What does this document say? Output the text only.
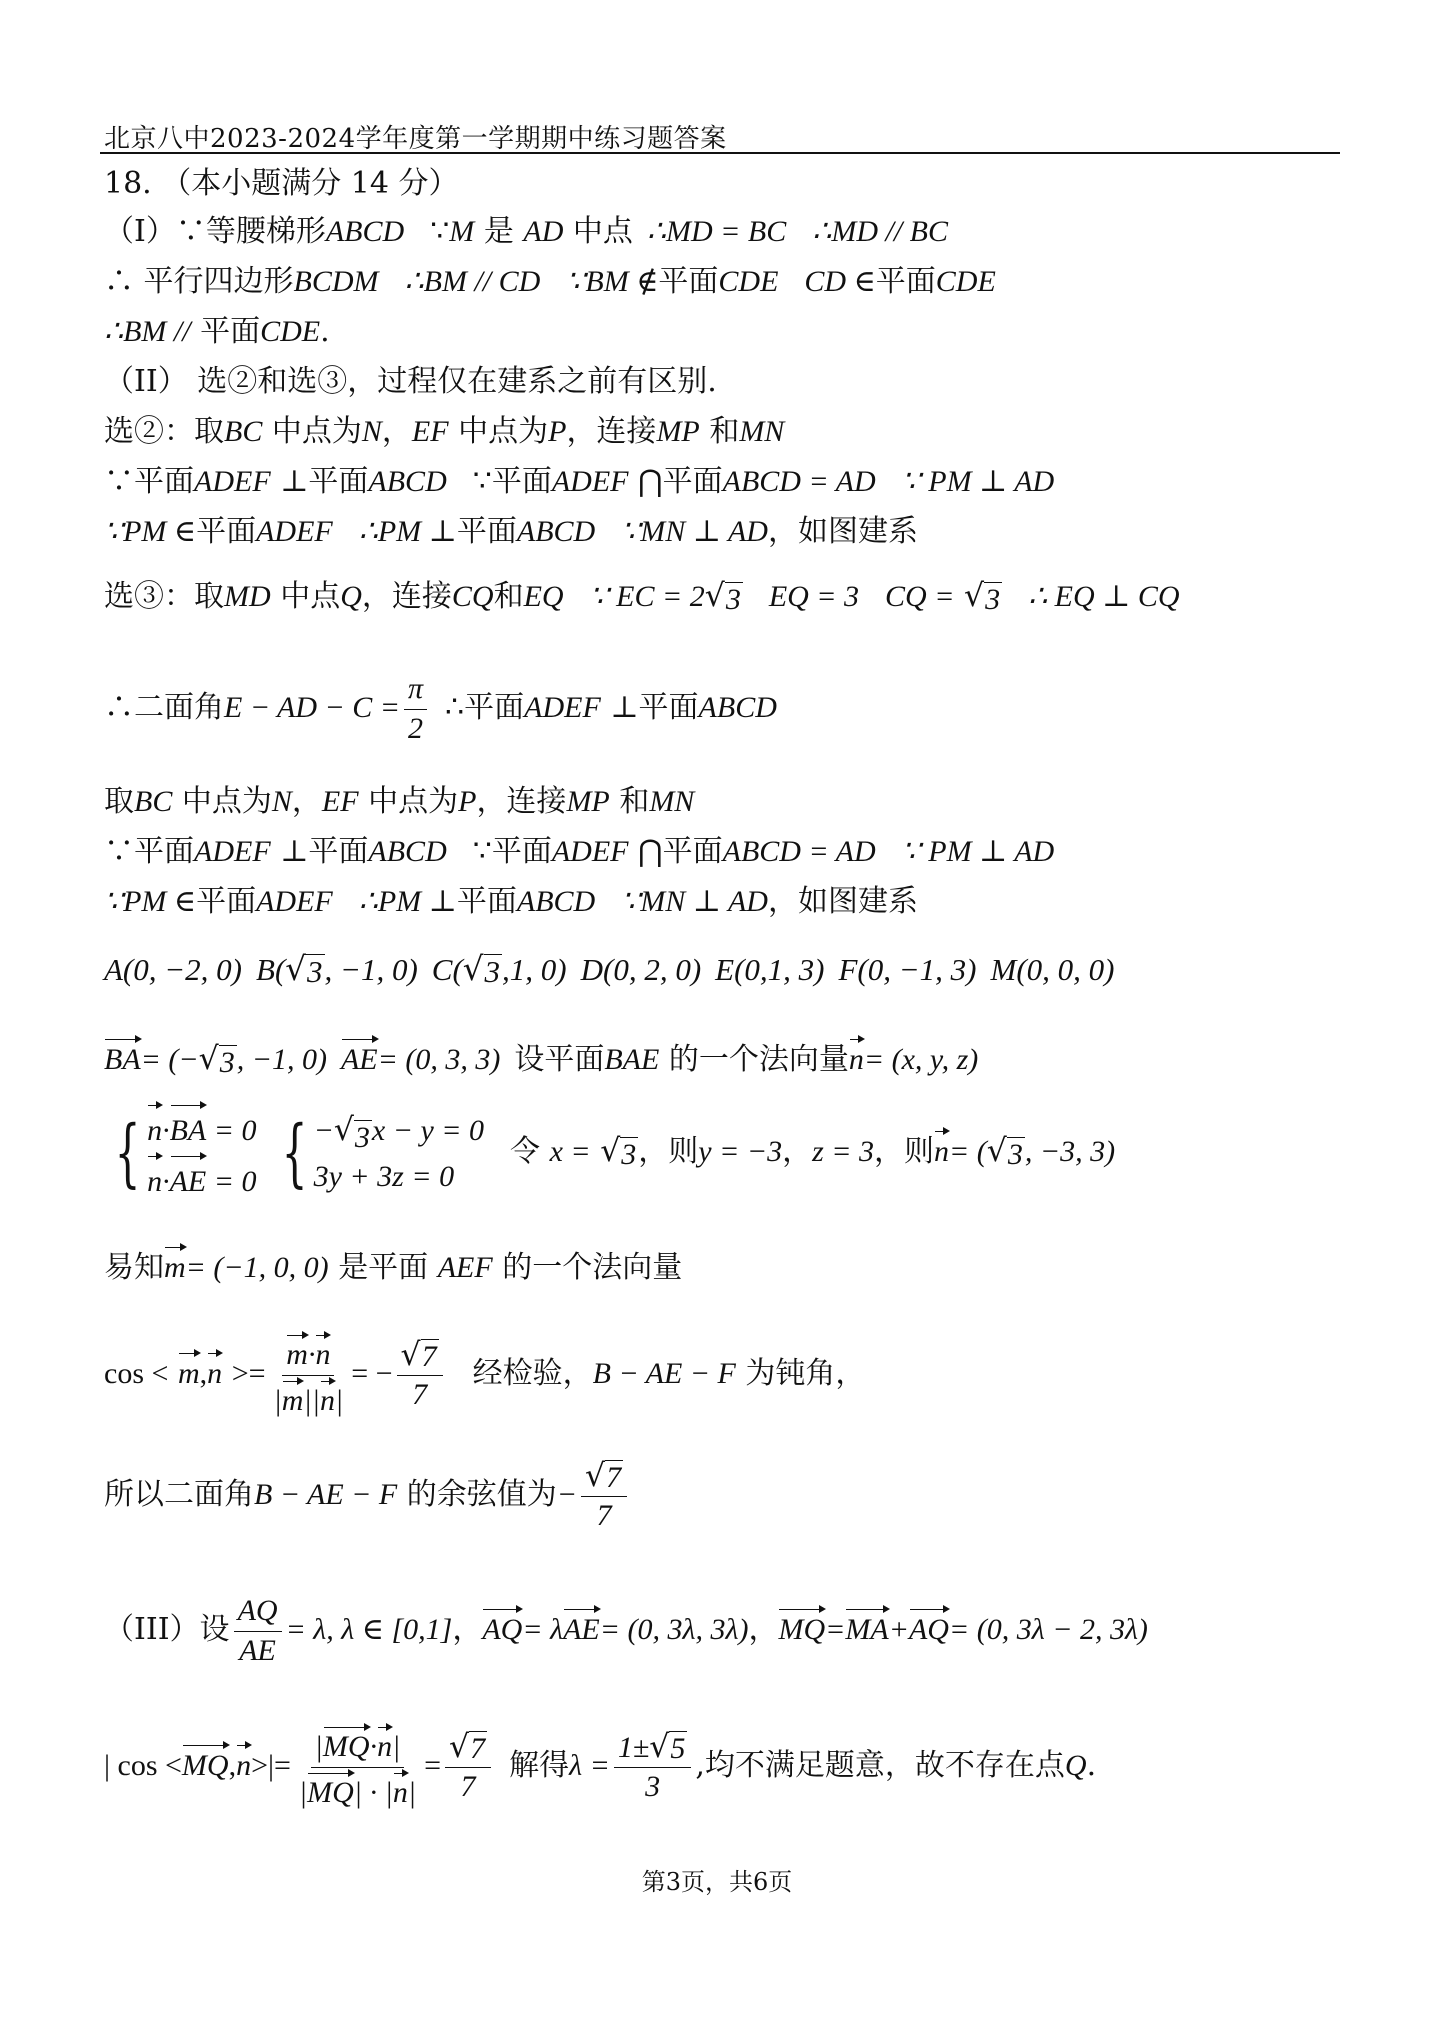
北京八中2023-2024学年度第一学期期中练习题答案
18. （本小题满分 14 分）
（I）∵等腰梯形ABCD ∵M 是 AD 中点 ∴MD = BC ∴MD // BC
∴ 平行四边形BCDM ∴BM // CD ∵BM ∉平面CDE CD ∈平面CDE
∴BM // 平面CDE.
（II） 选②和选③，过程仅在建系之前有区别.
选②：取BC 中点为N，EF 中点为P，连接MP 和MN
∵平面ADEF ⊥平面ABCD ∵平面ADEF ⋂平面ABCD = AD ∵ PM ⊥ AD
∵PM ∈平面ADEF ∴PM ⊥平面ABCD ∵MN ⊥ AD，如图建系
选③：取MD 中点Q，连接CQ和EQ ∵ EC = 2 √ 3 EQ = 3 CQ = √ 3 ∴ EQ ⊥ CQ
∴二面角E − AD − $C = \frac{\pi}{2}$ ∴平面ADEF ⊥平面ABCD
取BC 中点为N，EF 中点为P，连接MP 和MN
∵平面ADEF ⊥平面ABCD ∵平面ADEF ⋂平面ABCD = AD ∵ PM ⊥ AD
∵PM ∈平面ADEF ∴PM ⊥平面ABCD ∵MN ⊥ AD，如图建系
A(0, −2, 0) B( √ 3 , −1, 0) C( √ 3 ,1, 0) D(0, 2, 0) E(0,1, 3) F(0, −1, 3) M(0, 0, 0)
BA= (− √ 3 , −1, 0) AE= (0, 3, 3) 设平面BAE 的一个法向量n= (x, y, z)
{ n·BA = 0
n·AE = 0 { − √ 3 x − y = 0
3y + 3z = 0
令 x = √ 3 ，则y = −3，z = 3，则n= ( √ 3 , −3, 3)
易知m= (−1, 0, 0) 是平面 AEF 的一个法向量
$\cos < m,n >= \frac{m\cdot n}{|m||n|}$ = − $\frac{√ 7}{7}$ 经检验，B − AE − F 为钝角，
所以二面角B − AE − F 的余弦值为− $\frac{√ 7}{7}$
（III）设 $\frac{AQ}{AE} = \lambda$, λ ∈ [0,1]，AQ= λAE= (0, 3λ, 3λ)，MQ=MA+AQ= (0, 3λ − 2, 3λ)
| $\cos <MQ,n>|= \frac{|MQ\cdot n|}{|MQ| \cdot |n|} = \frac{√ 7}{7}$ 解得$\lambda = \frac{1\pm √ 5}{3}$ ,均不满足题意，故不存在点Q.
第3页，共6页
